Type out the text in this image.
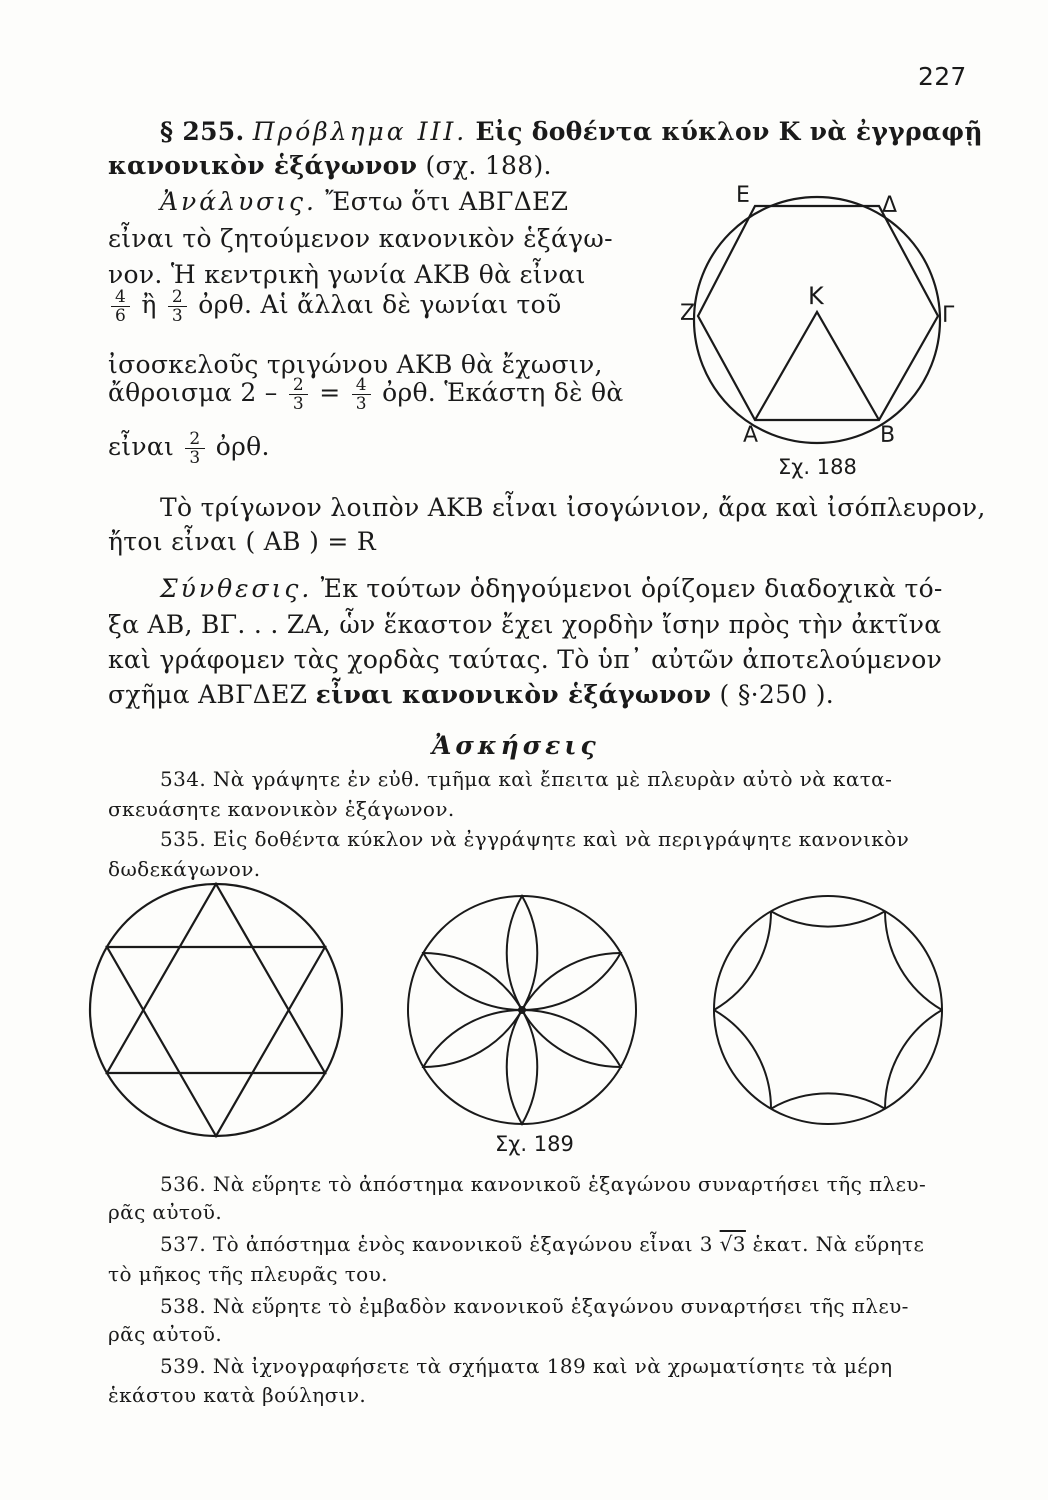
227
§ 255. Πρόβλημα III. Εἰς δοθέντα κύκλον Κ νὰ ἐγγραφῇ
κανονικὸν ἑξάγωνον (σχ. 188).
Ἀνάλυσις. Ἔστω ὅτι ΑΒΓΔΕΖ
εἶναι τὸ ζητούμενον κανονικὸν ἑξάγω-
νον. Ἡ κεντρικὴ γωνία ΑΚΒ θὰ εἶναι
$\frac{4}{6}$ ἢ $\frac{2}{3}$ ὀρθ. Αἱ ἄλλαι δὲ γωνίαι τοῦ
ἰσοσκελοῦς τριγώνου ΑΚΒ θὰ ἔχωσιν,
ἄθροισμα $2 - \frac{2}{3} = \frac{4}{3}$ ὀρθ. Ἑκάστη δὲ θὰ
εἶναι $\frac{2}{3}$ ὀρθ.
Τὸ τρίγωνον λοιπὸν ΑΚΒ εἶναι ἰσογώνιον, ἄρα καὶ ἰσόπλευρον,
ἤτοι εἶναι ( ΑΒ ) = R
Σύνθεσις. Ἐκ τούτων ὁδηγούμενοι ὁρίζομεν διαδοχικὰ τό-
ξα ΑΒ, ΒΓ. . . ΖΑ, ὧν ἕκαστον ἔχει χορδὴν ἴσην πρὸς τὴν ἀκτῖνα
καὶ γράφομεν τὰς χορδὰς ταύτας. Τὸ ὑπ᾽ αὐτῶν ἀποτελούμενον
σχῆμα ΑΒΓΔΕΖ εἶναι κανονικὸν ἑξάγωνον ( §·250 ).
Ε	Δ
Ζ	Γ
Κ
Α	Β
Σχ. 188
Ἀσκήσεις
534. Νὰ γράψητε ἐν εὐθ. τμῆμα καὶ ἔπειτα μὲ πλευρὰν αὐτὸ νὰ κατα-
σκευάσητε κανονικὸν ἑξάγωνον.
535. Εἰς δοθέντα κύκλον νὰ ἐγγράψητε καὶ νὰ περιγράψητε κανονικὸν
δωδεκάγωνον.
Σχ. 189
536. Νὰ εὕρητε τὸ ἀπόστημα κανονικοῦ ἑξαγώνου συναρτήσει τῆς πλευ-
ρᾶς αὐτοῦ.
537. Τὸ ἀπόστημα ἑνὸς κανονικοῦ ἑξαγώνου εἶναι 3 √3 ἑκατ. Νὰ εὕρητε
τὸ μῆκος τῆς πλευρᾶς του.
538. Νὰ εὕρητε τὸ ἐμβαδὸν κανονικοῦ ἑξαγώνου συναρτήσει τῆς πλευ-
ρᾶς αὐτοῦ.
539. Νὰ ἰχνογραφήσετε τὰ σχήματα 189 καὶ νὰ χρωματίσητε τὰ μέρη
ἑκάστου κατὰ βούλησιν.
